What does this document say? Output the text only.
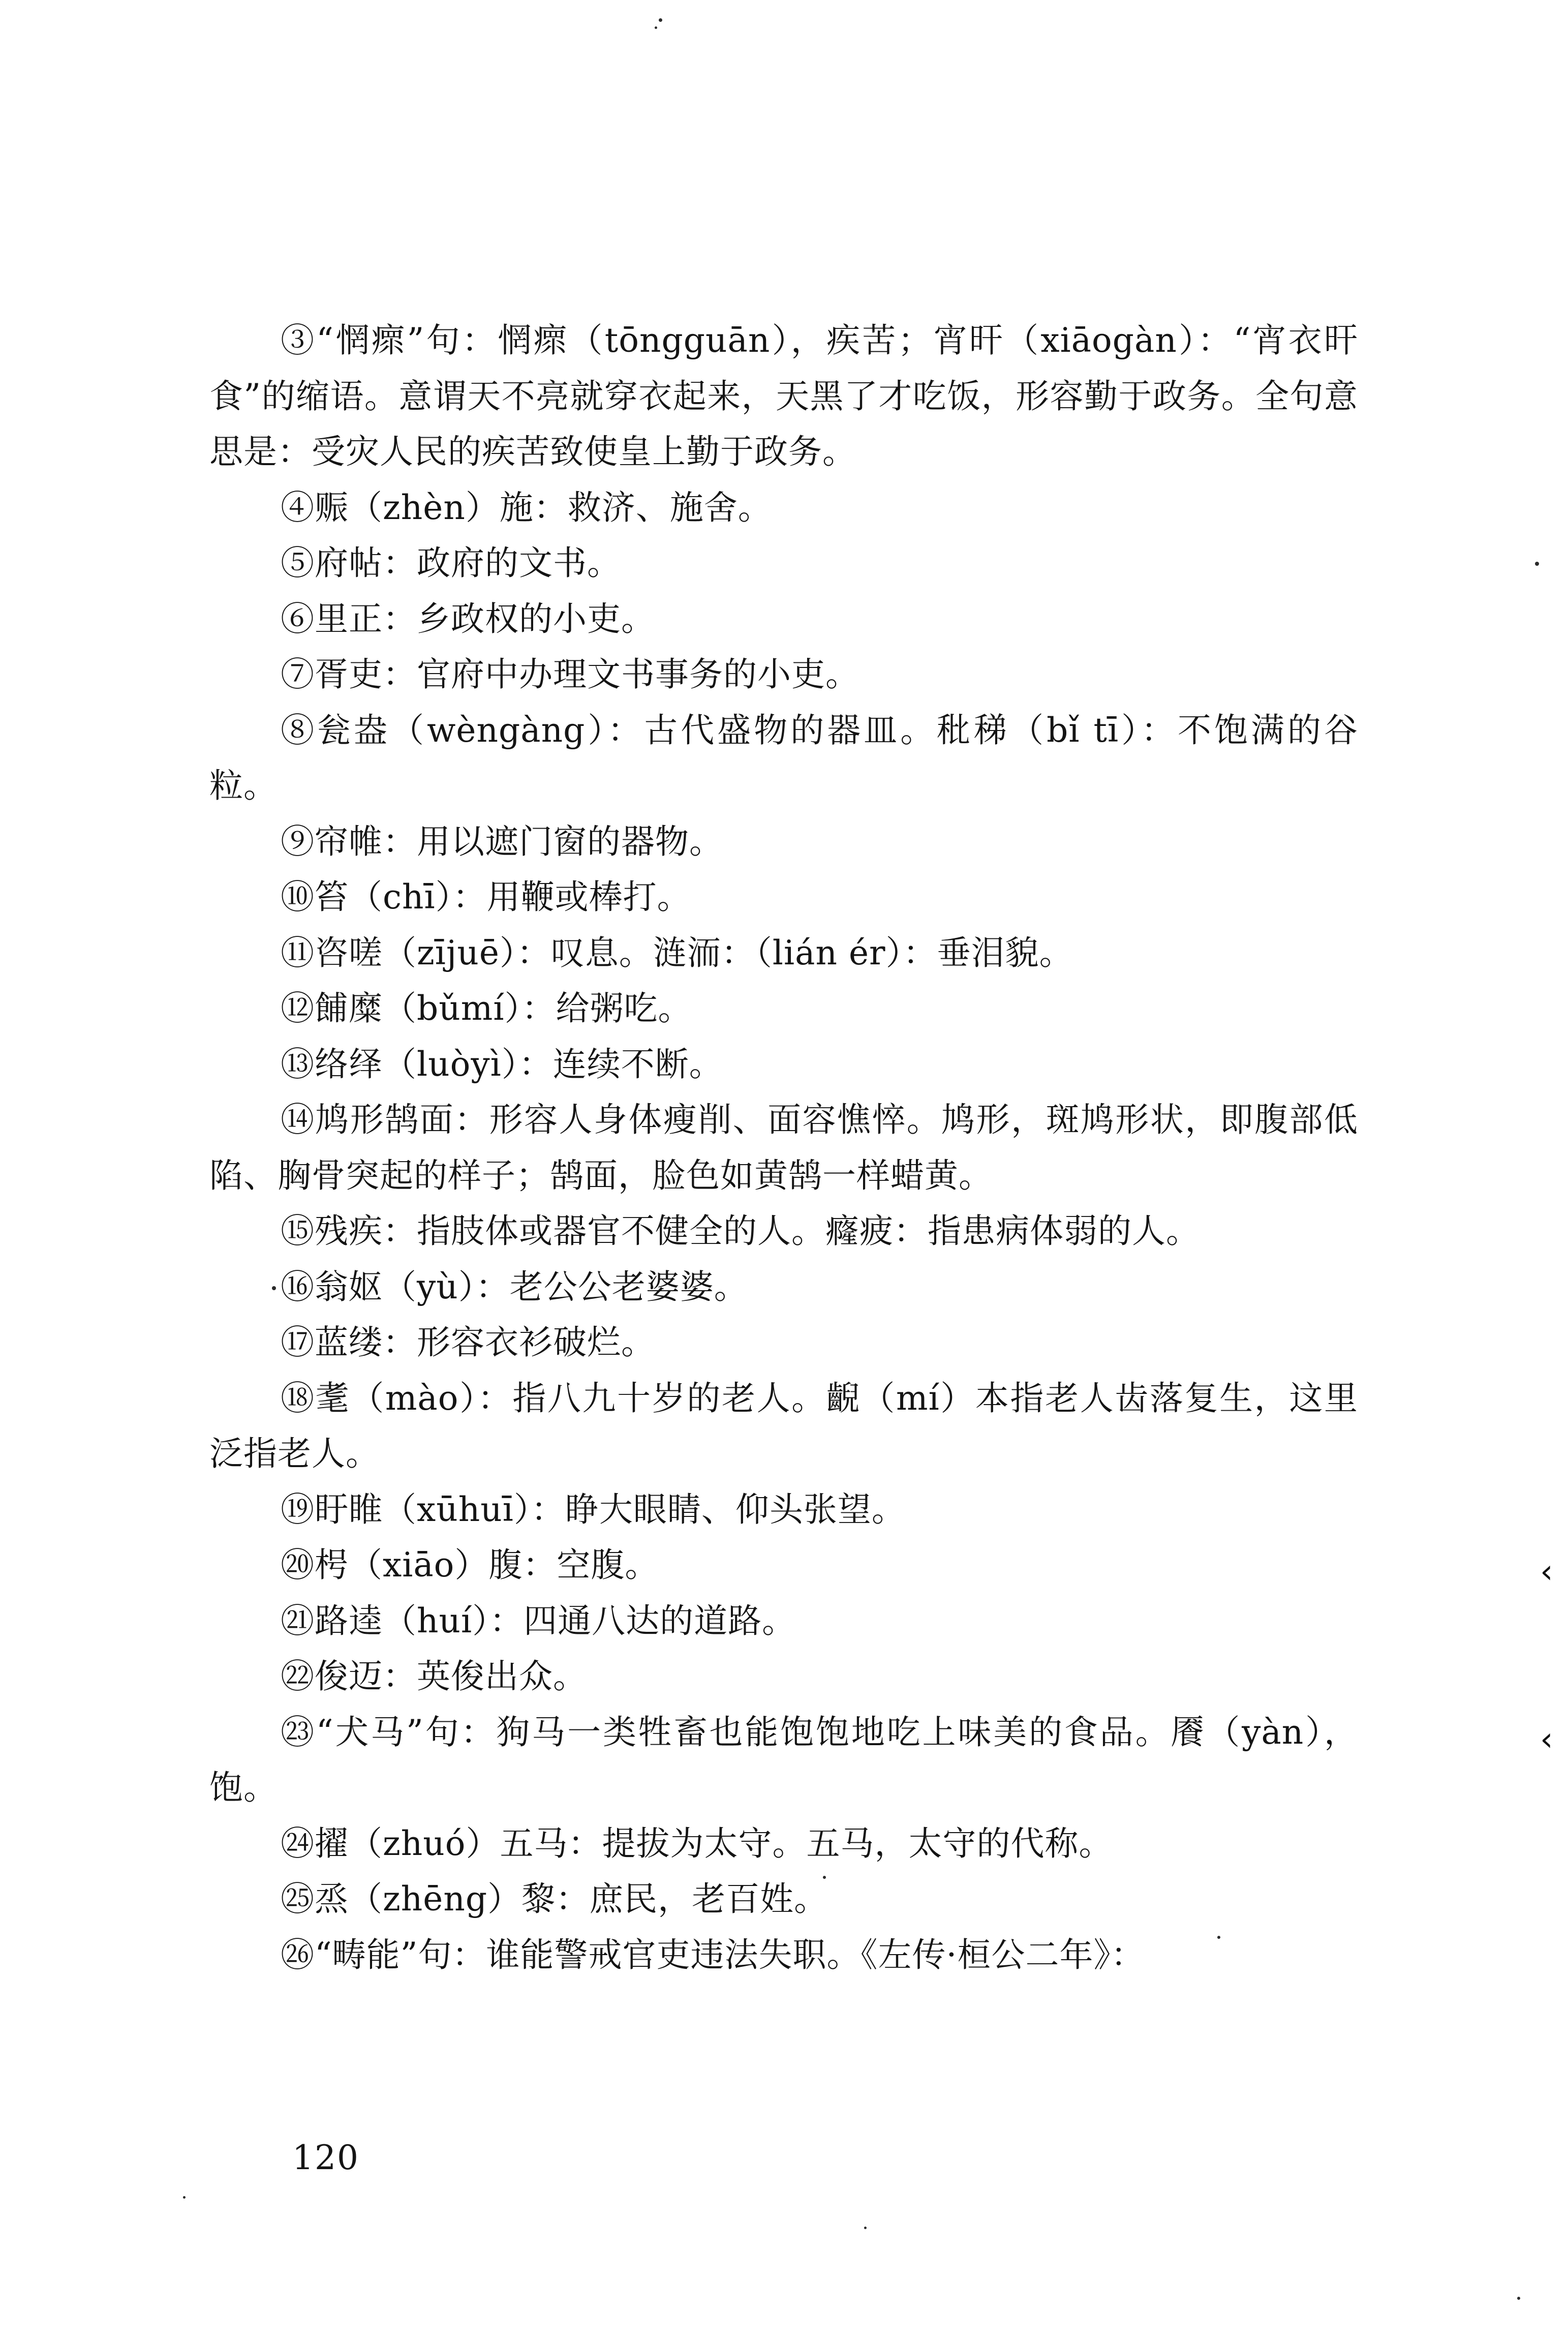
③“惘瘝”句：惘瘝（tōngguān），疾苦；宵旰（xiāogàn）：“宵衣旰食”的缩语。意谓天不亮就穿衣起来，天黑了才吃饭，形容勤于政务。全句意思是：受灾人民的疾苦致使皇上勤于政务。

④赈（zhèn）施：救济、施舍。

⑤府帖：政府的文书。

⑥里正：乡政权的小吏。

⑦胥吏：官府中办理文书事务的小吏。

⑧瓮盎（wèngàng）：古代盛物的器皿。秕稊（bǐ tī）：不饱满的谷粒。

⑨帘帷：用以遮门窗的器物。

⑩笞（chī）：用鞭或棒打。

⑪咨嗟（zījuē）：叹息。涟洏：（lián ér）：垂泪貌。

⑫餔糜（bǔmí）：给粥吃。

⑬络绎（luòyì）：连续不断。

⑭鸠形鹄面：形容人身体瘦削、面容憔悴。鸠形，斑鸠形状，即腹部低陷、胸骨突起的样子；鹄面，脸色如黄鹄一样蜡黄。

⑮残疾：指肢体或器官不健全的人。癃疲：指患病体弱的人。

⑯翁妪（yù）：老公公老婆婆。

⑰蓝缕：形容衣衫破烂。

⑱耄（mào）：指八九十岁的老人。齯（mí）本指老人齿落复生，这里泛指老人。

⑲盱睢（xūhuī）：睁大眼睛、仰头张望。

⑳枵（xiāo）腹：空腹。

㉑路逵（huí）：四通八达的道路。

㉒俊迈：英俊出众。

㉓“犬马”句：狗马一类牲畜也能饱饱地吃上味美的食品。餍（yàn），饱。

㉔擢（zhuó）五马：提拔为太守。五马，太守的代称。

㉕烝（zhēng）黎：庶民，老百姓。

㉖“畴能”句：谁能警戒官吏违法失职。《左传·桓公二年》：

120
‹
‹
